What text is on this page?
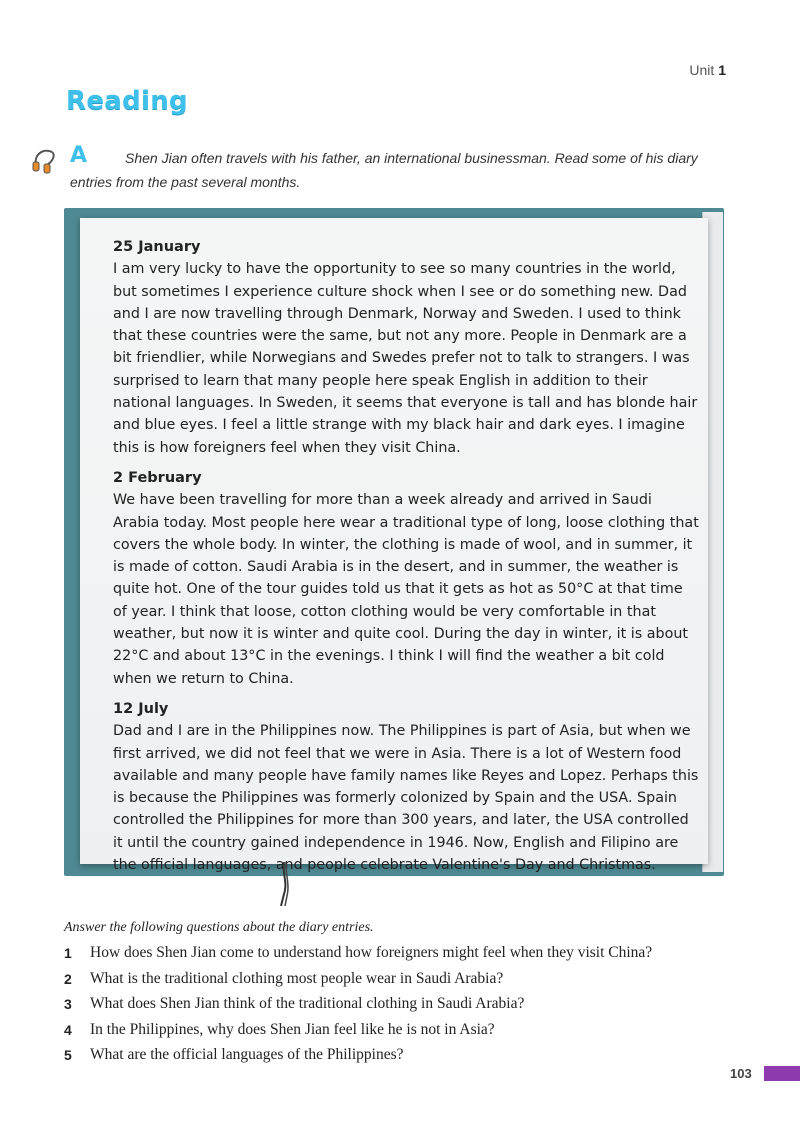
Unit 1
Reading
A	Shen Jian often travels with his father, an international businessman. Read some of his diary entries from the past several months.

25 January

I am very lucky to have the opportunity to see so many countries in the world, but sometimes I experience culture shock when I see or do something new. Dad and I are now travelling through Denmark, Norway and Sweden. I used to think that these countries were the same, but not any more. People in Denmark are a bit friendlier, while Norwegians and Swedes prefer not to talk to strangers. I was surprised to learn that many people here speak English in addition to their national languages. In Sweden, it seems that everyone is tall and has blonde hair and blue eyes. I feel a little strange with my black hair and dark eyes. I imagine this is how foreigners feel when they visit China.

2 February

We have been travelling for more than a week already and arrived in Saudi Arabia today. Most people here wear a traditional type of long, loose clothing that covers the whole body. In winter, the clothing is made of wool, and in summer, it is made of cotton. Saudi Arabia is in the desert, and in summer, the weather is quite hot. One of the tour guides told us that it gets as hot as 50°C at that time of year. I think that loose, cotton clothing would be very comfortable in that weather, but now it is winter and quite cool. During the day in winter, it is about 22°C and about 13°C in the evenings. I think I will find the weather a bit cold when we return to China.

12 July

Dad and I are in the Philippines now. The Philippines is part of Asia, but when we first arrived, we did not feel that we were in Asia. There is a lot of Western food available and many people have family names like Reyes and Lopez. Perhaps this is because the Philippines was formerly colonized by Spain and the USA. Spain controlled the Philippines for more than 300 years, and later, the USA controlled it until the country gained independence in 1946. Now, English and Filipino are the official languages, and people celebrate Valentine's Day and Christmas.

Answer the following questions about the diary entries.
1	How does Shen Jian come to understand how foreigners might feel when they visit China?
2	What is the traditional clothing most people wear in Saudi Arabia?
3	What does Shen Jian think of the traditional clothing in Saudi Arabia?
4	In the Philippines, why does Shen Jian feel like he is not in Asia?
5	What are the official languages of the Philippines?
103
